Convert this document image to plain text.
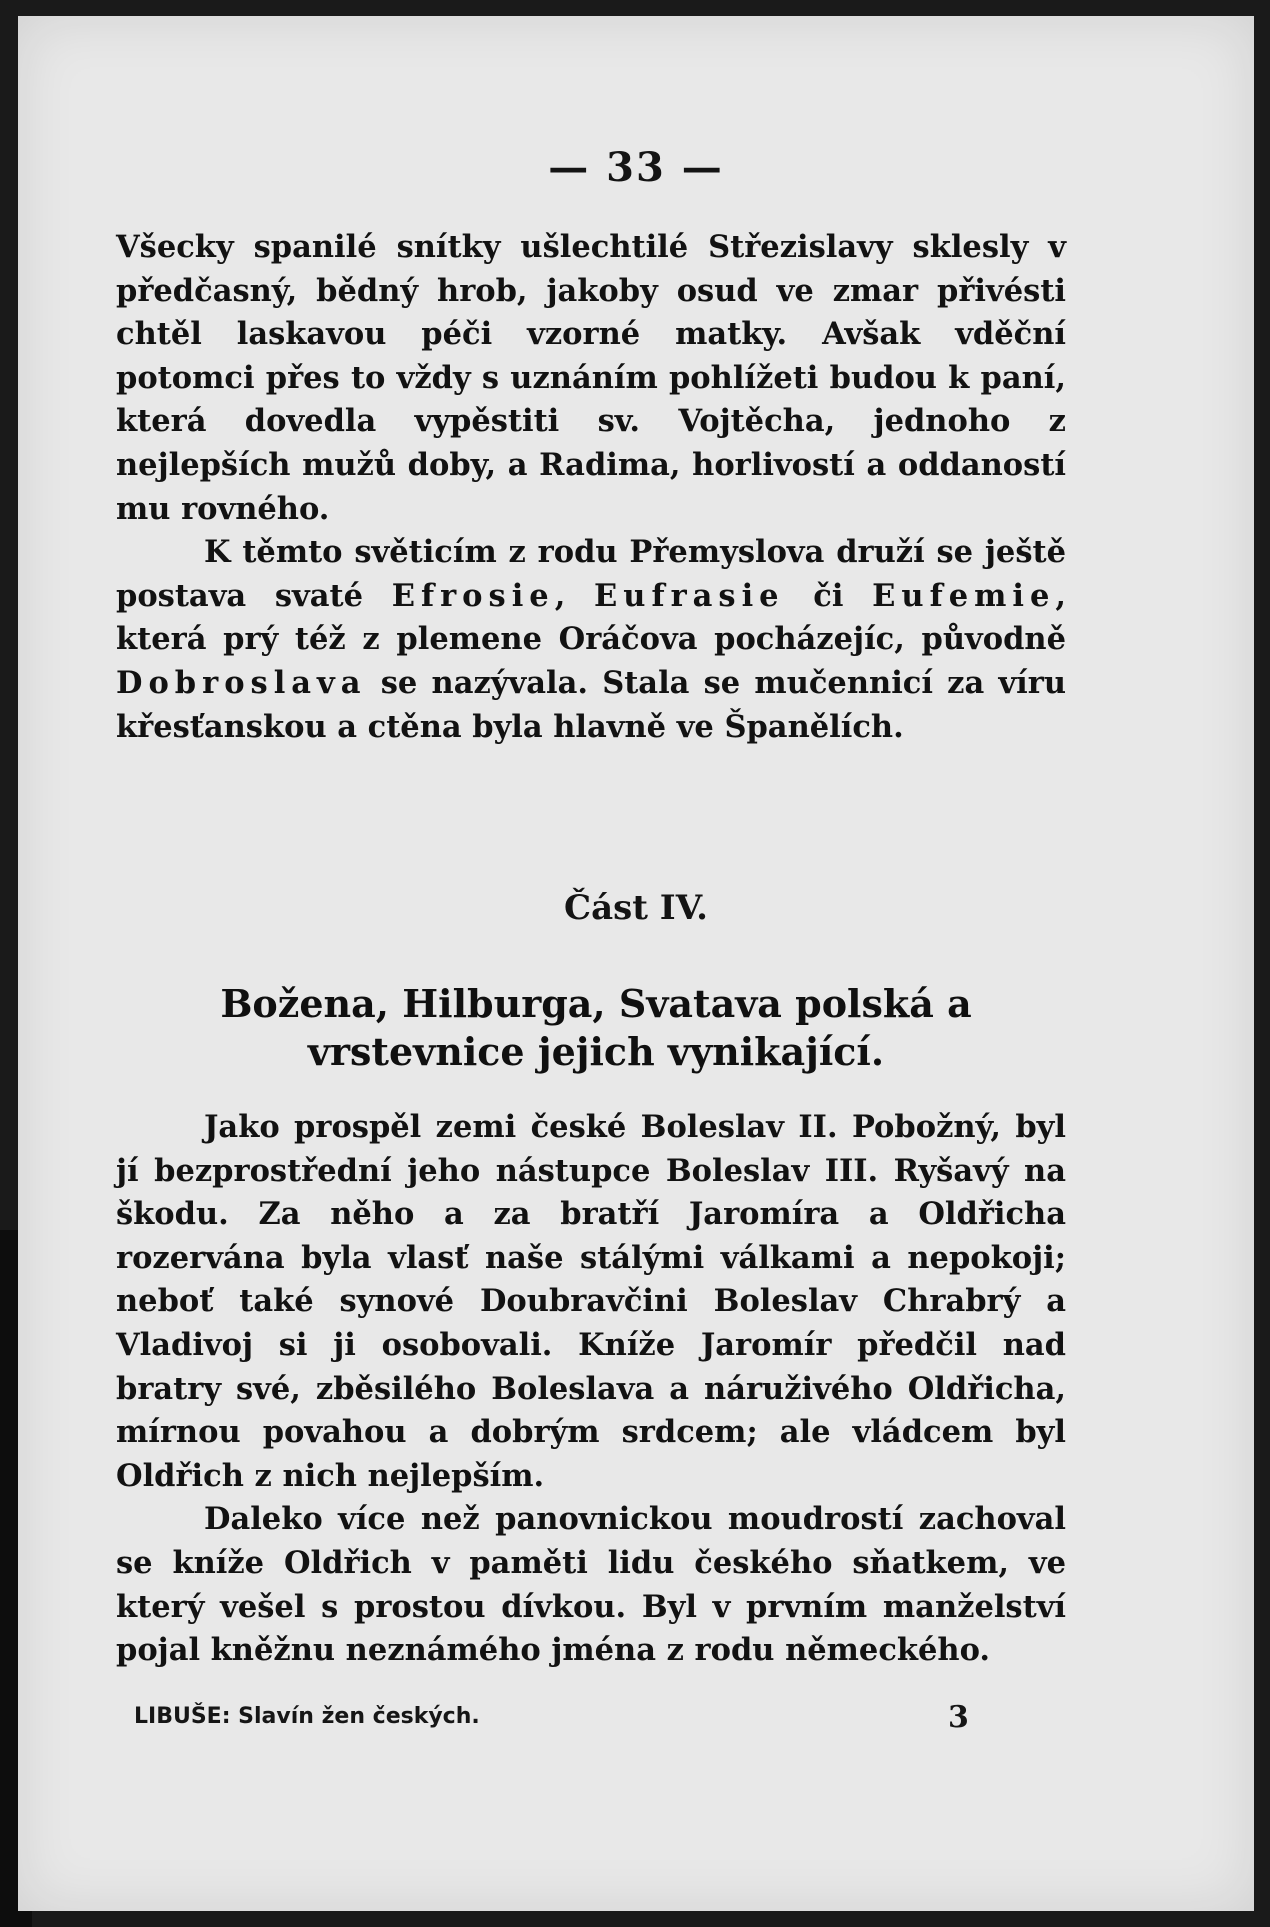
— 33 —

Všecky spanilé snítky ušlechtilé Střezislavy sklesly v předčasný, bědný hrob, jakoby osud ve zmar přivésti chtěl laskavou péči vzorné matky. Avšak vděční potomci přes to vždy s uznáním pohlížeti budou k paní, která dovedla vypěstiti sv. Vojtěcha, jednoho z nejlepších mužů doby, a Radima, horlivostí a oddaností mu rovného.

K těmto světicím z rodu Přemyslova druží se ještě postava svaté Efrosie, Eufrasie či Eufemie, která prý též z plemene Oráčova pocházejíc, původně Dobroslava se nazývala. Stala se mučennicí za víru křesťanskou a ctěna byla hlavně ve Španělích.

Část IV.
Božena, Hilburga, Svatava polská a vrstevnice jejich vynikající.

Jako prospěl zemi české Boleslav II. Pobožný, byl jí bezprostřední jeho nástupce Boleslav III. Ryšavý na škodu. Za něho a za bratří Jaromíra a Oldřicha rozervána byla vlasť naše stálými válkami a nepokoji; neboť také synové Doubravčini Boleslav Chrabrý a Vladivoj si ji osobovali. Kníže Jaromír předčil nad bratry své, zběsilého Boleslava a náruživého Oldřicha, mírnou povahou a dobrým srdcem; ale vládcem byl Oldřich z nich nejlepším.

Daleko více než panovnickou moudrostí zachoval se kníže Oldřich v paměti lidu českého sňatkem, ve který vešel s prostou dívkou. Byl v prvním manželství pojal kněžnu neznámého jména z rodu německého.

LIBUŠE: Slavín žen českých.	3
